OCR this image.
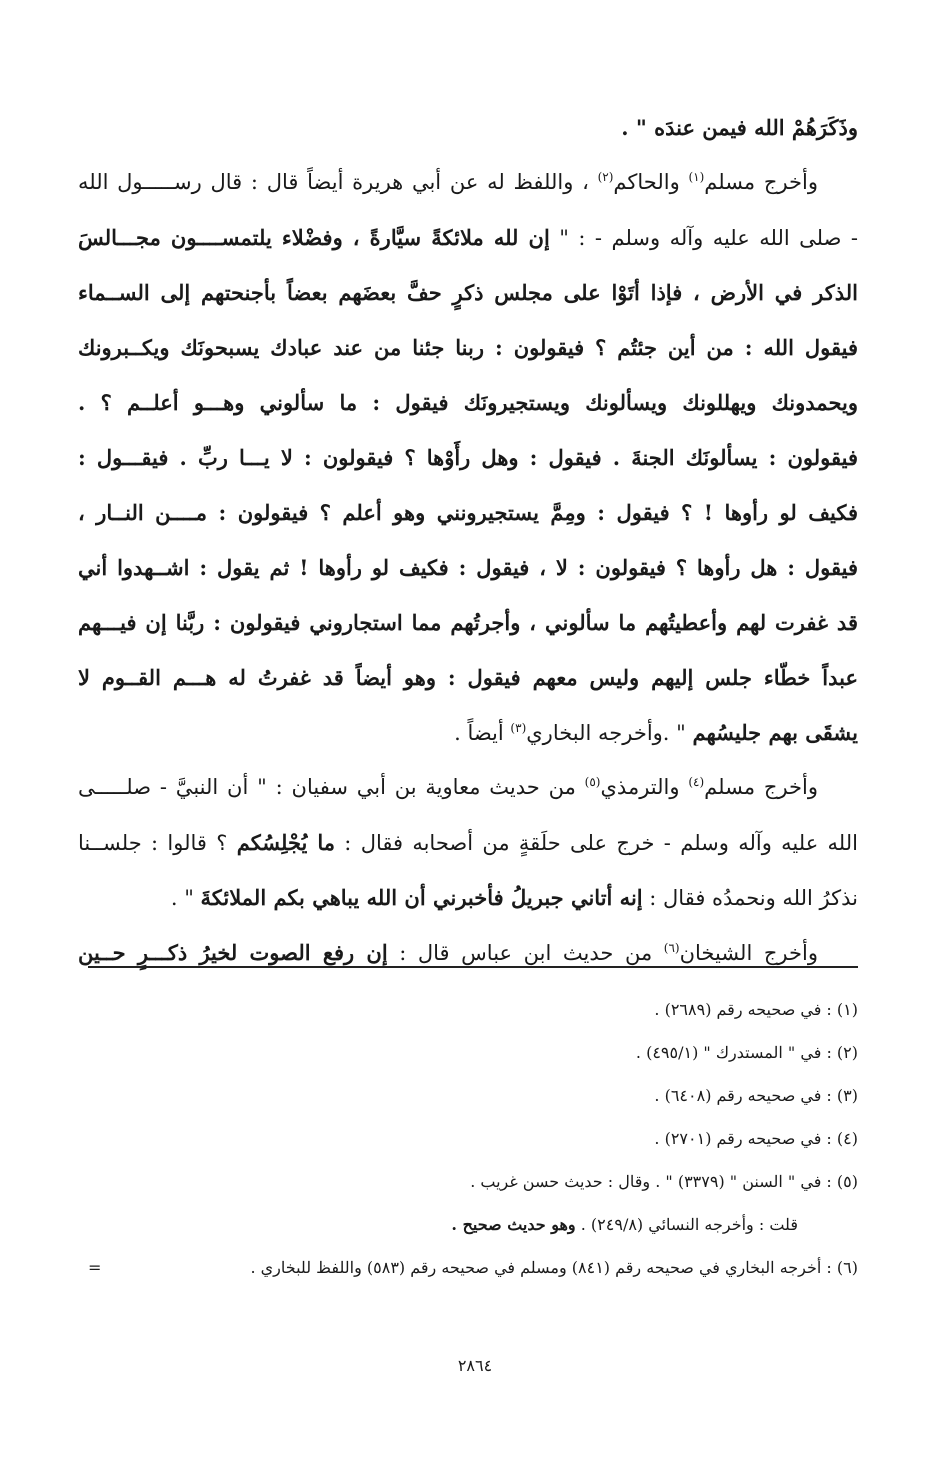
وذَكَرَهُمْ الله فيمن عندَه " .
وأخرج مسلم$^{(١)}$ والحاكم$^{(٢)}$ ، واللفظ له عن أبي هريرة أيضاً قال : قال رســـــول الله
- صلى الله عليه وآله وسلم - : " إن لله ملائكةً سيَّارةً ، وفضْلاء يلتمســــون مجـــالسَ
الذكر في الأرض ، فإذا أتَوْا على مجلس ذكرٍ حفَّ بعضَهم بعضاً بأجنحتهم إلى الســماء
فيقول الله : من أين جئتُم ؟ فيقولون : ربنا جئنا من عند عبادك يسبحونَك ويكــبرونك
ويحمدونك ويهللونك ويسألونك ويستجيرونَك فيقول : ما سألوني وهـــو أعلــم ؟ .
فيقولون : يسألونَك الجنةَ . فيقول : وهل رأَوْها ؟ فيقولون : لا يـــا ربِّ . فيقـــول :
فكيف لو رأوها ! ؟ فيقول : ومِمَّ يستجيرونني وهو أعلم ؟ فيقولون : مــــن النــار ،
فيقول : هل رأوها ؟ فيقولون : لا ، فيقول : فكيف لو رأوها ! ثم يقول : اشــهدوا أني
قد غفرت لهم وأعطيتُهم ما سألوني ، وأجرتُهم مما استجاروني فيقولون : ربَّنا إن فيـــهم
عبداً خطّاء جلس إليهم وليس معهم فيقول : وهو أيضاً قد غفرتُ له هـــم القــوم لا
يشقَى بهم جليسُهم " .وأخرجه البخاري$^{(٣)}$ أيضاً .
وأخرج مسلم$^{(٤)}$ والترمذي$^{(٥)}$ من حديث معاوية بن أبي سفيان : " أن النبيَّ - صلـــــى
الله عليه وآله وسلم - خرج على حلَقةٍ من أصحابه فقال : ما يُجْلِسُكم ؟ قالوا : جلســنا
نذكرُ الله ونحمدُه فقال : إنه أتاني جبريلُ فأخبرني أن الله يباهي بكم الملائكةَ " .
وأخرج الشيخان$^{(٦)}$ من حديث ابن عباس قال : إن رفع الصوت لخيرُ ذكـــرٍ حــين
(١) : في صحيحه رقم (٢٦٨٩) .
(٢) : في " المستدرك " (٤٩٥/١) .
(٣) : في صحيحه رقم (٦٤٠٨) .
(٤) : في صحيحه رقم (٢٧٠١) .
(٥) : في " السنن " (٣٣٧٩) " . وقال : حديث حسن غريب .
قلت : وأخرجه النسائي (٢٤٩/٨) . وهو حديث صحيح .
(٦) : أخرجه البخاري في صحيحه رقم (٨٤١) ومسلم في صحيحه رقم (٥٨٣) واللفظ للبخاري .
=
٢٨٦٤
